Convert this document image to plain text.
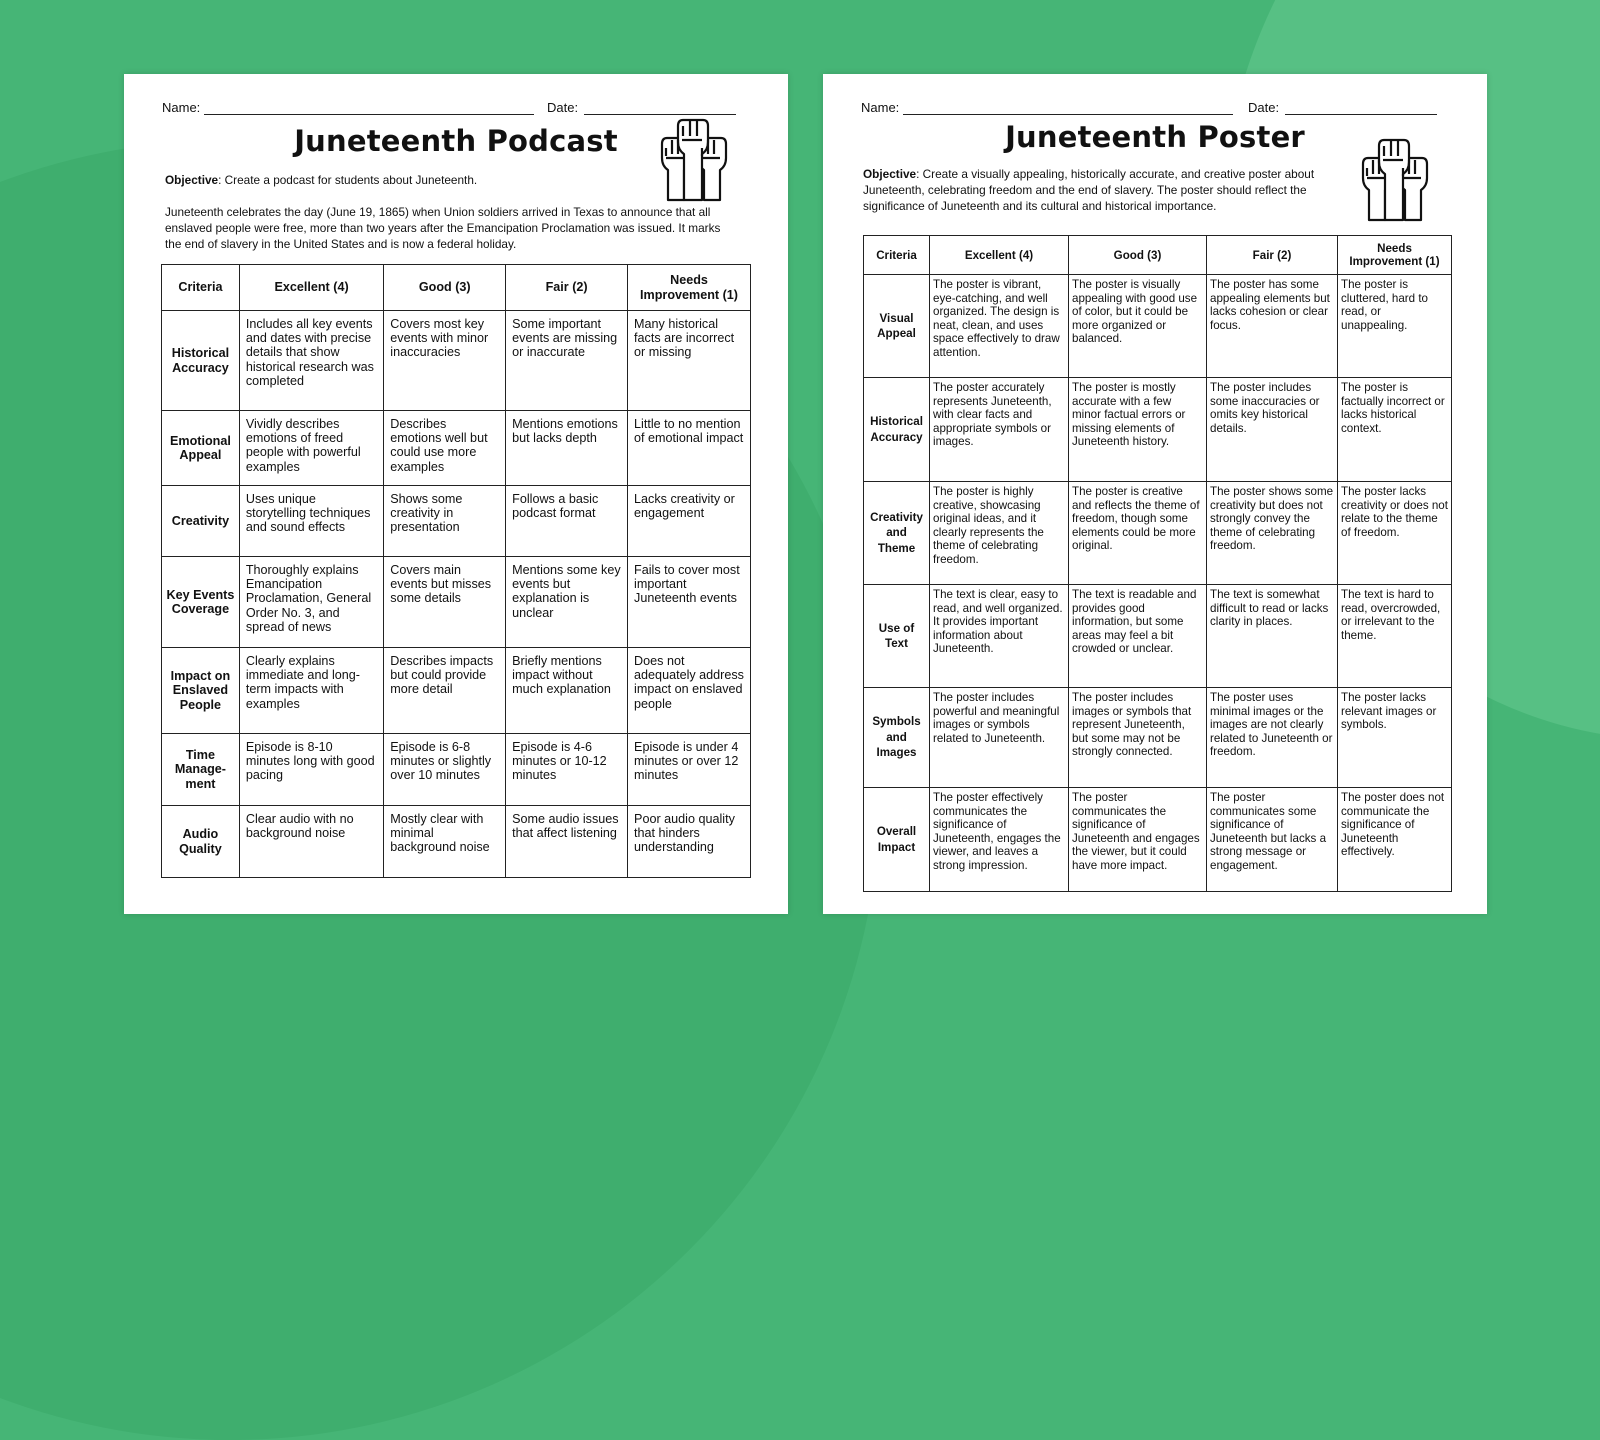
Name:	Date:
Juneteenth Podcast
Objective: Create a podcast for students about Juneteenth.
Juneteenth celebrates the day (June 19, 1865) when Union soldiers arrived in Texas to announce that all enslaved people were free, more than two years after the Emancipation Proclamation was issued. It marks the end of slavery in the United States and is now a federal holiday.
Criteria	Excellent (4)	Good (3)	Fair (2)	Needs Improvement (1)
Historical Accuracy	Includes all key events and dates with precise details that show historical research was completed	Covers most key events with minor inaccuracies	Some important events are missing or inaccurate	Many historical facts are incorrect or missing
Emotional Appeal	Vividly describes emotions of freed people with powerful examples	Describes emotions well but could use more examples	Mentions emotions but lacks depth	Little to no mention of emotional impact
Creativity	Uses unique storytelling techniques and sound effects	Shows some creativity in presentation	Follows a basic podcast format	Lacks creativity or engagement
Key Events Coverage	Thoroughly explains Emancipation Proclamation, General Order No. 3, and spread of news	Covers main events but misses some details	Mentions some key events but explanation is unclear	Fails to cover most important Juneteenth events
Impact on Enslaved People	Clearly explains immediate and long-term impacts with examples	Describes impacts but could provide more detail	Briefly mentions impact without much explanation	Does not adequately address impact on enslaved people
Time Manage-ment	Episode is 8-10 minutes long with good pacing	Episode is 6-8 minutes or slightly over 10 minutes	Episode is 4-6 minutes or 10-12 minutes	Episode is under 4 minutes or over 12 minutes
Audio Quality	Clear audio with no background noise	Mostly clear with minimal background noise	Some audio issues that affect listening	Poor audio quality that hinders understanding
Name:	Date:
Juneteenth Poster
Objective: Create a visually appealing, historically accurate, and creative poster about Juneteenth, celebrating freedom and the end of slavery. The poster should reflect the significance of Juneteenth and its cultural and historical importance.
Criteria	Excellent (4)	Good (3)	Fair (2)	Needs Improvement (1)
Visual Appeal	The poster is vibrant, eye-catching, and well organized. The design is neat, clean, and uses space effectively to draw attention.	The poster is visually appealing with good use of color, but it could be more organized or balanced.	The poster has some appealing elements but lacks cohesion or clear focus.	The poster is cluttered, hard to read, or unappealing.
Historical Accuracy	The poster accurately represents Juneteenth, with clear facts and appropriate symbols or images.	The poster is mostly accurate with a few minor factual errors or missing elements of Juneteenth history.	The poster includes some inaccuracies or omits key historical details.	The poster is factually incorrect or lacks historical context.
Creativity and Theme	The poster is highly creative, showcasing original ideas, and it clearly represents the theme of celebrating freedom.	The poster is creative and reflects the theme of freedom, though some elements could be more original.	The poster shows some creativity but does not strongly convey the theme of celebrating freedom.	The poster lacks creativity or does not relate to the theme of freedom.
Use of Text	The text is clear, easy to read, and well organized. It provides important information about Juneteenth.	The text is readable and provides good information, but some areas may feel a bit crowded or unclear.	The text is somewhat difficult to read or lacks clarity in places.	The text is hard to read, overcrowded, or irrelevant to the theme.
Symbols and Images	The poster includes powerful and meaningful images or symbols related to Juneteenth.	The poster includes images or symbols that represent Juneteenth, but some may not be strongly connected.	The poster uses minimal images or the images are not clearly related to Juneteenth or freedom.	The poster lacks relevant images or symbols.
Overall Impact	The poster effectively communicates the significance of Juneteenth, engages the viewer, and leaves a strong impression.	The poster communicates the significance of Juneteenth and engages the viewer, but it could have more impact.	The poster communicates some significance of Juneteenth but lacks a strong message or engagement.	The poster does not communicate the significance of Juneteenth effectively.
